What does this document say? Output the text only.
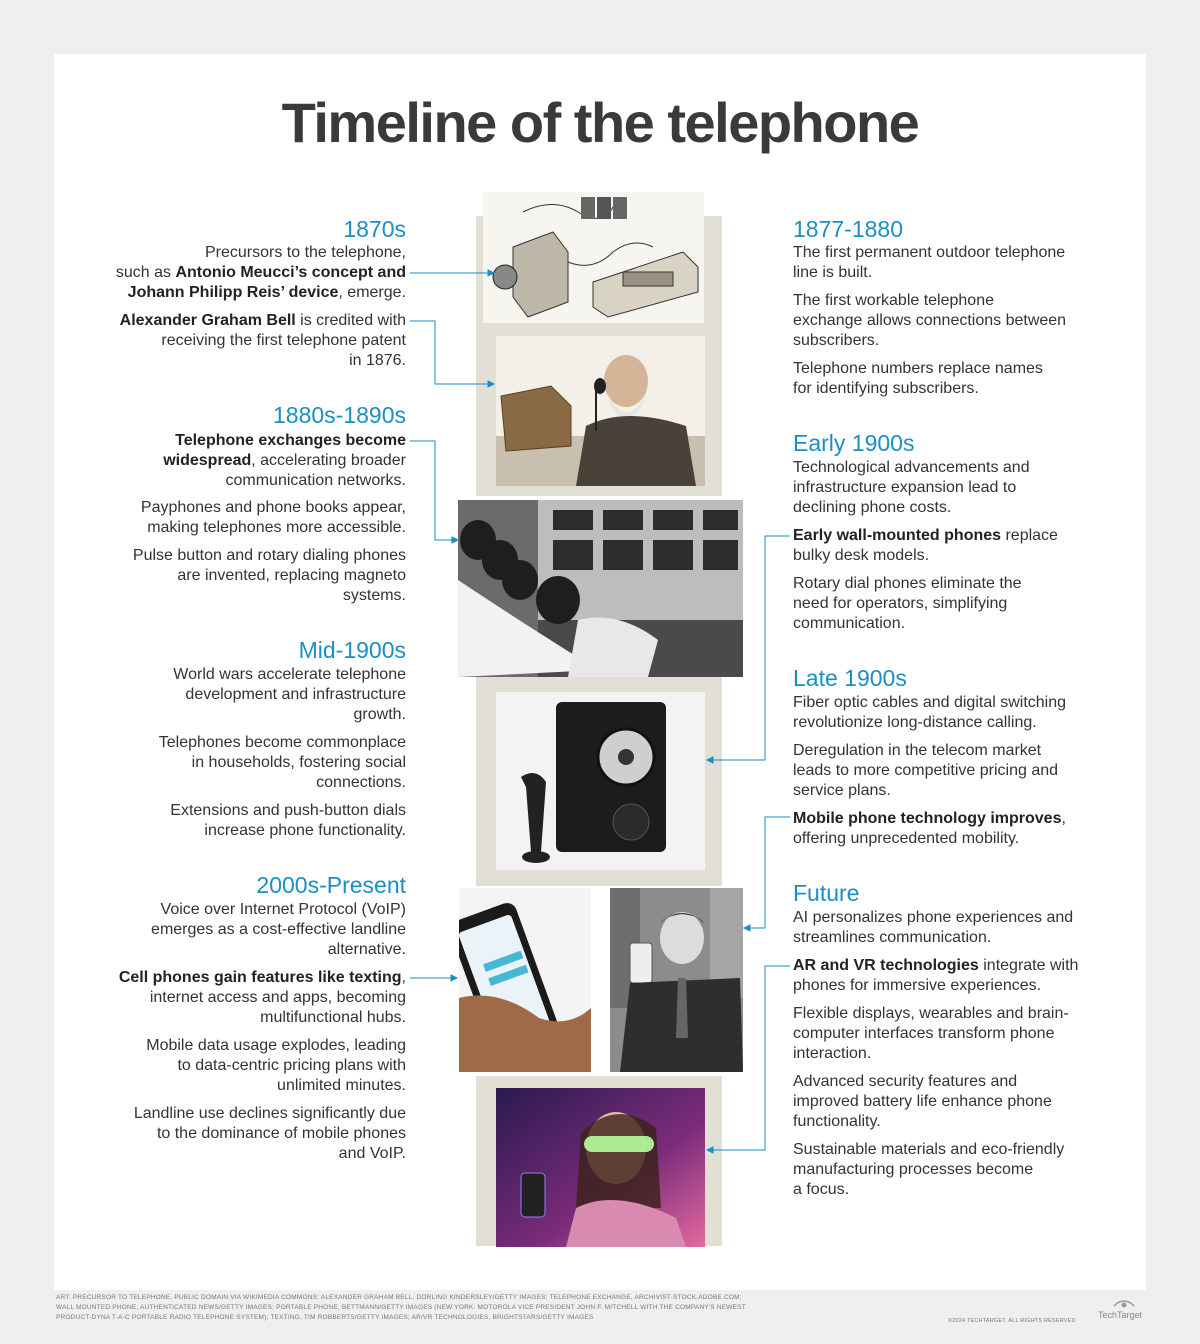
Timeline of the telephone
1870s
Precursors to the telephone,
such as Antonio Meucci’s concept and
Johann Philipp Reis’ device, emerge.
Alexander Graham Bell is credited with
receiving the first telephone patent
in 1876.
1880s-1890s
Telephone exchanges become
widespread, accelerating broader
communication networks.
Payphones and phone books appear,
making telephones more accessible.
Pulse button and rotary dialing phones
are invented, replacing magneto
systems.
Mid-1900s
World wars accelerate telephone
development and infrastructure
growth.
Telephones become commonplace
in households, fostering social
connections.
Extensions and push-button dials
increase phone functionality.
2000s-Present
Voice over Internet Protocol (VoIP)
emerges as a cost-effective landline
alternative.
Cell phones gain features like texting,
internet access and apps, becoming
multifunctional hubs.
Mobile data usage explodes, leading
to data-centric pricing plans with
unlimited minutes.
Landline use declines significantly due
to the dominance of mobile phones
and VoIP.
1877-1880
The first permanent outdoor telephone
line is built.
The first workable telephone
exchange allows connections between
subscribers.
Telephone numbers replace names
for identifying subscribers.
Early 1900s
Technological advancements and
infrastructure expansion lead to
declining phone costs.
Early wall-mounted phones replace
bulky desk models.
Rotary dial phones eliminate the
need for operators, simplifying
communication.
Late 1900s
Fiber optic cables and digital switching
revolutionize long-distance calling.
Deregulation in the telecom market
leads to more competitive pricing and
service plans.
Mobile phone technology improves,
offering unprecedented mobility.
Future
AI personalizes phone experiences and
streamlines communication.
AR and VR technologies integrate with
phones for immersive experiences.
Flexible displays, wearables and brain-
computer interfaces transform phone
interaction.
Advanced security features and
improved battery life enhance phone
functionality.
Sustainable materials and eco-friendly
manufacturing processes become
a focus.
ART: PRECURSOR TO TELEPHONE, PUBLIC DOMAIN VIA WIKIMEDIA COMMONS; ALEXANDER GRAHAM BELL, DORLING KINDERSLEY/GETTY IMAGES; TELEPHONE EXCHANGE, ARCHIVIST-STOCK.ADOBE.COM;
WALL MOUNTED PHONE, AUTHENTICATED NEWS/GETTY IMAGES; PORTABLE PHONE, BETTMANN/GETTY IMAGES (NEW YORK: MOTOROLA VICE PRESIDENT JOHN F. MITCHELL WITH THE COMPANY'S NEWEST
PRODUCT-DYNA T-A-C PORTABLE RADIO TELEPHONE SYSTEM); TEXTING, TIM ROBBERTS/GETTY IMAGES; AR/VR TECHNOLOGIES, BRIGHTSTARS/GETTY IMAGES	©2024 TECHTARGET. ALL RIGHTS RESERVED
TechTarget
